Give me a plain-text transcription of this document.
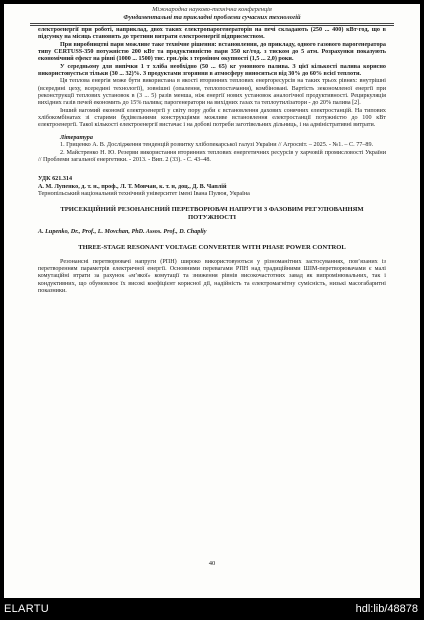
Міжнародна науково-технічна конференція
Фундаментальні та прикладні проблеми сучасних технологій

електроенергії при роботі, наприклад, двох таких електропарогенераторів на печі складають (250 ... 400) кВт·год, що в підсумку на місяць становить до третини витрати електроенергії підприємством.

При виробництві пари можливе таке технічне рішення: встановлення, до прикладу, одного газового парогенератора типу CERTUSS-350 потужністю 200 кВт та продуктивністю пари 350 кг/год. з тиском до 5 атм. Розрахунки показують економічний ефект на рівні (1000 ... 1500) тис. грн./рік з терміном окупності (1,5 ... 2,0) роки.

У середньому для випічки 1 т хліба необхідно (50 ... 65) кг умовного палива. З цієї кількості палива корисно використовується тільки (30 ... 32)%. З продуктами згоряння в атмосферу виноситься від 30% до 60% всієї теплоти.

Ця теплова енергія може бути використана в якості вторинних теплових енергоресурсів на таких трьох рівнях: внутрішні (всередині цеху, всередині технології), зовнішні (опалення, теплопостачання), комбіновані. Вартість зекономленої енергії при реконструкції теплових установок в (3 ... 5) разів менша, ніж енергії нових установок аналогічної продуктивності. Рециркуляція вихідних газів печей економить до 15% палива; парогенератори на вихідних газах та теплоутилізатори - до 20% палива [2].

Інший вагомий економії електроенергії у світу пору доби є встановлення дахових сонячних електростанцій. На типових хлібокомбінатах зі старими будівельними конструкціями можливе встановлення електростанції потужністю до 100 кВт електроенергії. Такої кількості електроенергії вистачає і на добові потреби заготівельних дільниць, і на адміністративні витрати.

Література

1. Гриценко А. В. Дослідження тенденцій розвитку хлібопекарської галузі України // Агросвіт. – 2025. - №1. – С. 77–89.

2. Майстренко Н. Ю. Резерви використання вторинних теплових енергетичних ресурсів у харчовій промисловості України // Проблеми загальної енергетики. - 2013. - Вип. 2 (33). - С. 43–48.

УДК 621.314

А. М. Лупенко, д. т. н., проф., Л. Т. Мовчан, к. т. н, доц., Д. В. Чаплій

Тернопільський національний технічний університет імені Івана Пулюя, Україна

ТРИСЕКЦІЙНИЙ РЕЗОНАНСНИЙ ПЕРЕТВОРЮВАЧ НАПРУГИ З ФАЗОВИМ РЕГУЛЮВАННЯМ ПОТУЖНОСТІ

A. Lupenko, Dr., Prof., L. Movchan, PhD. Assos. Prof., D. Chapliy

THREE-STAGE RESONANT VOLTAGE CONVERTER WITH PHASE POWER CONTROL

Резонансні перетворювачі напруги (РПН) широко використовуються у різноманітних застосуваннях, пов’язаних із перетворенням параметрів електричної енергії. Основними перевагами РПН над традиційними ШІМ-перетворювачами є малі комутаційні втрати за рахунок «м’якої» комутації та зниження рівнів високочастотних завад як випромінювальних, так і кондуктивних, що обумовлює їх високі коефіцієнт корисної дії, надійність та електромагнітну сумісність, низькі масогабаритні показники.

40
ELARTU	hdl:lib/48878
